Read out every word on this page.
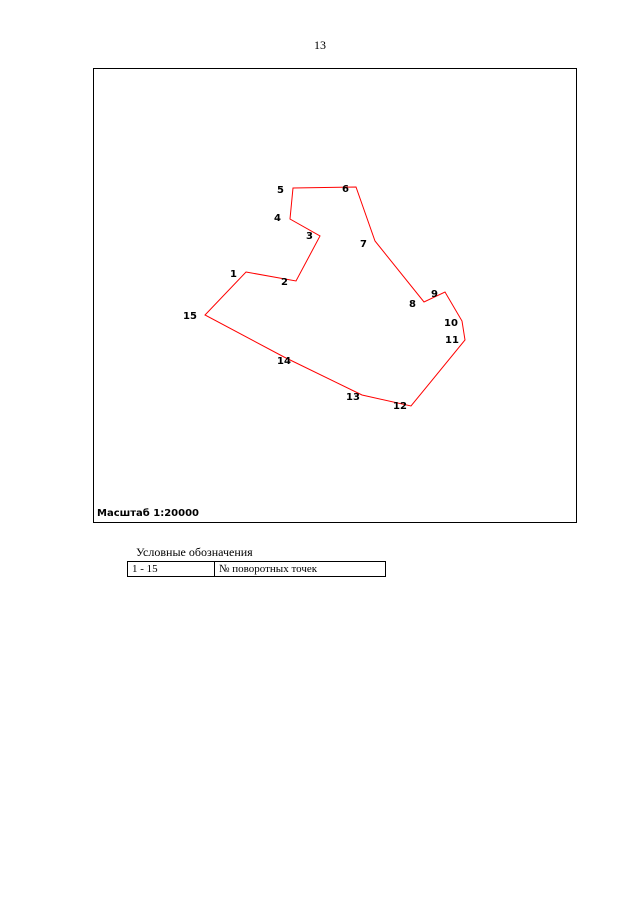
13
1
2
3
4
5	6
7
8
9
10
11
12
13
14
15
Масштаб 1:20000
Условные обозначения
1 - 15	№ поворотных точек
